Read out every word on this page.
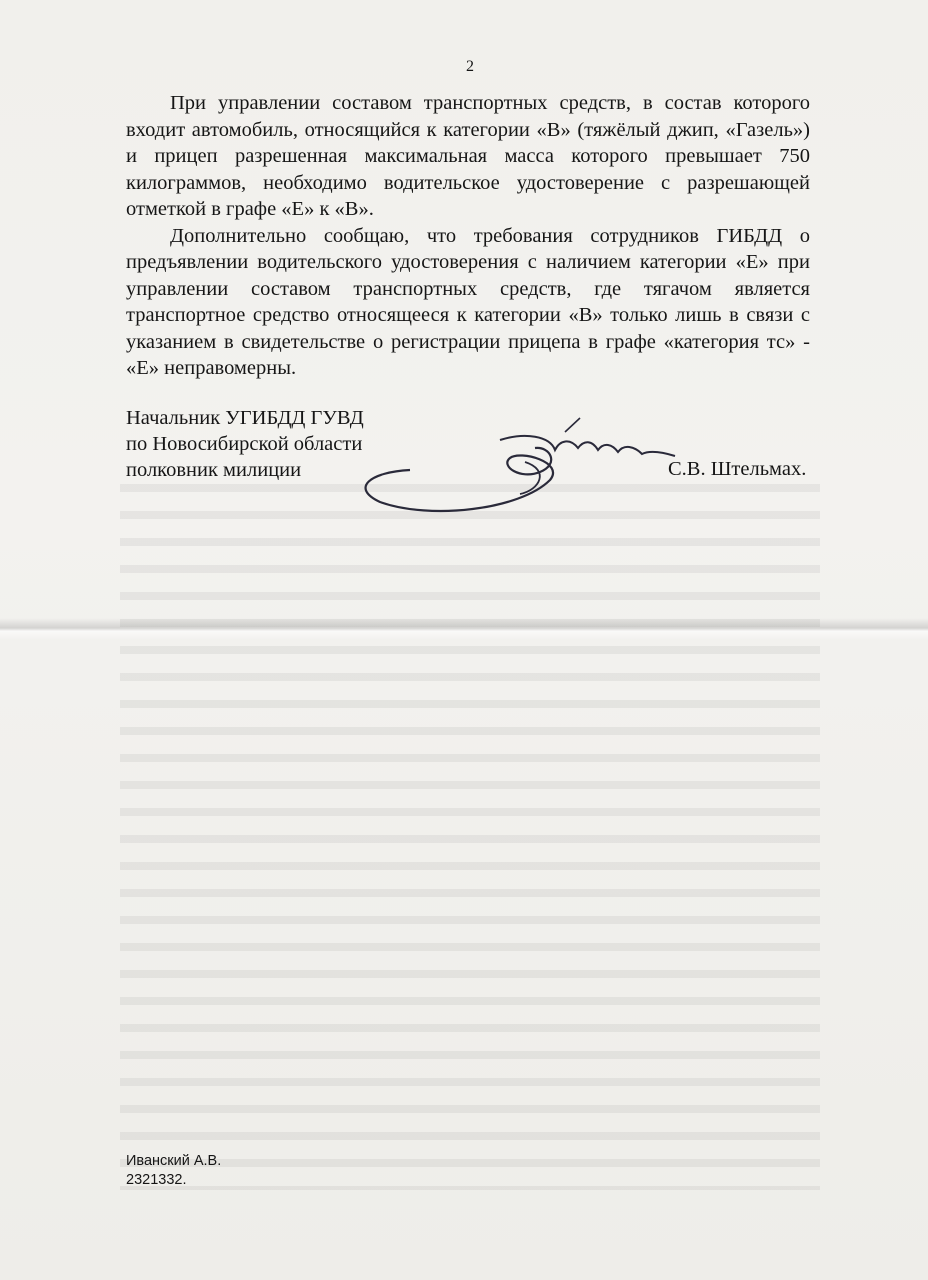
2

При управлении составом транспортных средств, в состав которого входит автомобиль, относящийся к категории «В» (тяжёлый джип, «Газель») и прицеп разрешенная максимальная масса которого превышает 750 килограммов, необходимо водительское удостоверение с разрешающей отметкой в графе «Е» к «В».

Дополнительно сообщаю, что требования сотрудников ГИБДД о предъявлении водительского удостоверения с наличием категории «Е» при управлении составом транспортных средств, где тягачом является транспортное средство относящееся к категории «В» только лишь в связи с указанием в свидетельстве о регистрации прицепа в графе «категория тс» - «Е» неправомерны.

Начальник УГИБДД ГУВД
по Новосибирской области
полковник милиции	С.В. Штельмах.
Иванский А.В.
2321332.
